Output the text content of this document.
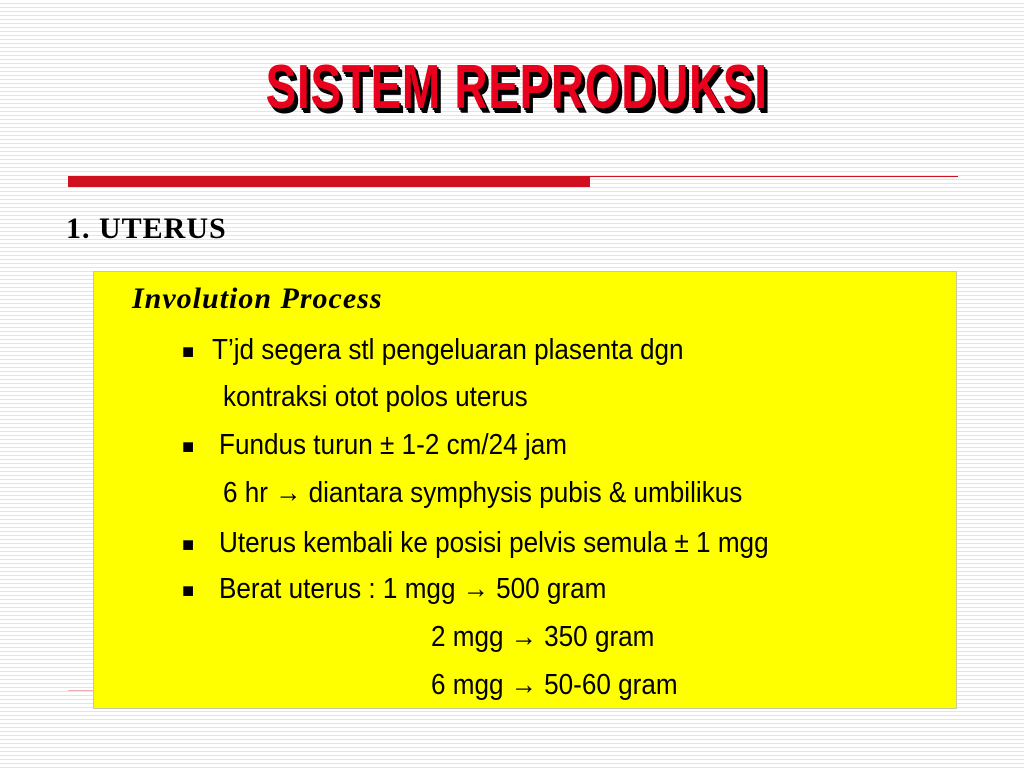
SISTEM REPRODUKSI
1. UTERUS
Involution Process
■ T’jd segera stl pengeluaran plasenta dgn
kontraksi otot polos uterus
■ Fundus turun ± 1-2 cm/24 jam
6 hr → diantara symphysis pubis & umbilikus
■ Uterus kembali ke posisi pelvis semula ± 1 mgg
■ Berat uterus : 1 mgg → 500 gram
2 mgg → 350 gram
6 mgg → 50-60 gram
